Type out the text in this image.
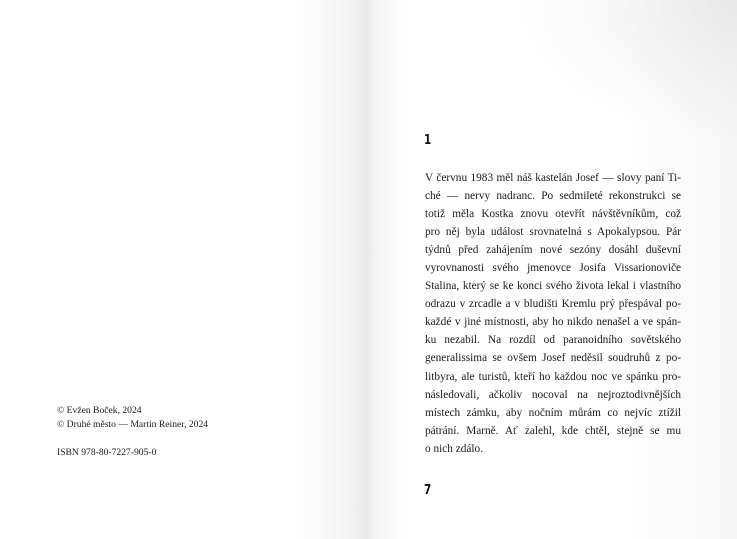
© Evžen Boček, 2024
© Druhé město — Martin Reiner, 2024
ISBN 978-80-7227-905-0
1
V červnu 1983 měl náš kastelán Josef — slovy paní Ti-
ché — nervy nadranc. Po sedmileté rekonstrukci se
totiž měla Kostka znovu otevřít návštěvníkům, což
pro něj byla událost srovnatelná s Apokalypsou. Pár
týdnů před zahájením nové sezóny dosáhl duševní
vyrovnanosti svého jmenovce Josifa Vissarionoviče
Stalina, který se ke konci svého života lekal i vlastního
odrazu v zrcadle a v bludišti Kremlu prý přespával po-
každé v jiné místnosti, aby ho nikdo nenašel a ve spán-
ku nezabil. Na rozdíl od paranoidního sovětského
generalissima se ovšem Josef neděsil soudruhů z po-
litbyra, ale turistů, kteří ho každou noc ve spánku pro-
následovali, ačkoliv nocoval na nejroztodivnějších
místech zámku, aby nočním můrám co nejvíc ztížil
pátrání. Marně. Ať zalehl, kde chtěl, stejně se mu
o nich zdálo.
7
